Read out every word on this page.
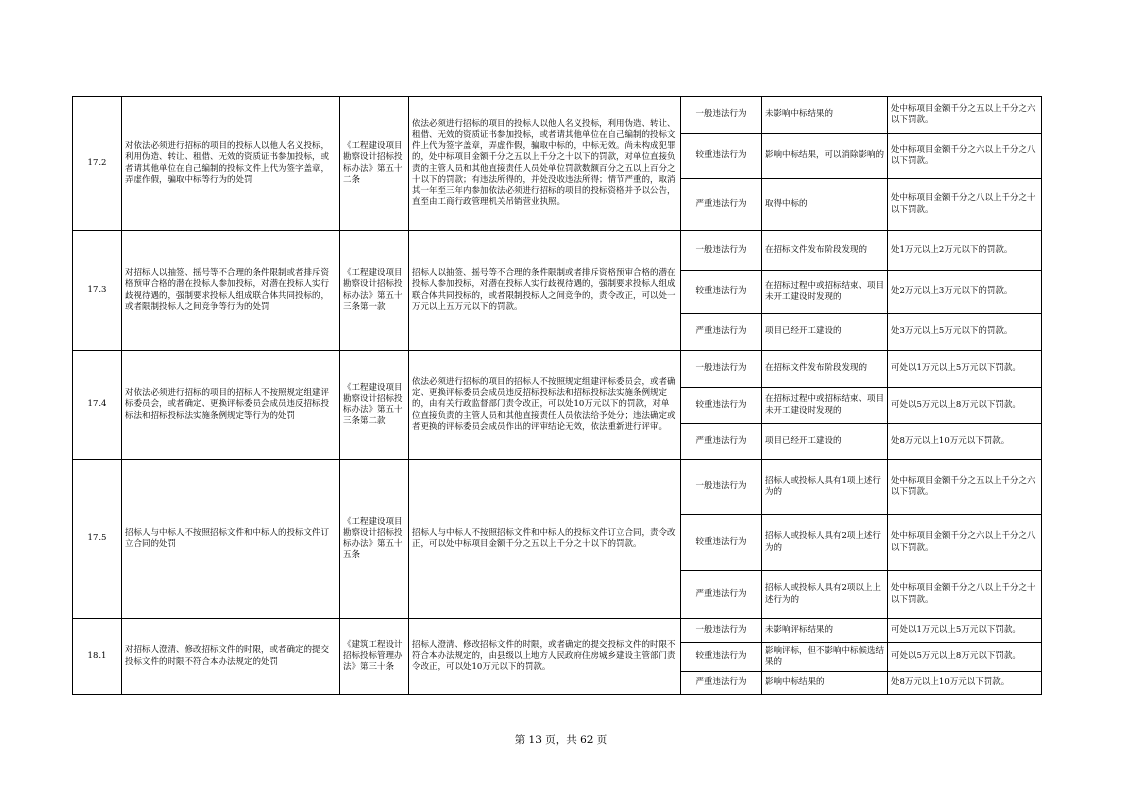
17.2	对依法必须进行招标的项目的投标人以他人名义投标，利用伪造、转让、租借、无效的资质证书参加投标，或者请其他单位在自己编制的投标文件上代为签字盖章，弄虚作假，骗取中标等行为的处罚	《工程建设项目勘察设计招标投标办法》第五十二条	依法必须进行招标的项目的投标人以他人名义投标，利用伪造、转让、租借、无效的资质证书参加投标，或者请其他单位在自己编制的投标文件上代为签字盖章，弄虚作假，骗取中标的，中标无效。尚未构成犯罪的，处中标项目金额千分之五以上千分之十以下的罚款，对单位直接负责的主管人员和其他直接责任人员处单位罚款数额百分之五以上百分之十以下的罚款；有违法所得的，并处没收违法所得；情节严重的，取消其一年至三年内参加依法必须进行招标的项目的投标资格并予以公告，直至由工商行政管理机关吊销营业执照。	一般违法行为	未影响中标结果的	处中标项目金额千分之五以上千分之六以下罚款。
				较重违法行为	影响中标结果，可以消除影响的	处中标项目金额千分之六以上千分之八以下罚款。
				严重违法行为	取得中标的	处中标项目金额千分之八以上千分之十以下罚款。
17.3	对招标人以抽签、摇号等不合理的条件限制或者排斥资格预审合格的潜在投标人参加投标，对潜在投标人实行歧视待遇的，强制要求投标人组成联合体共同投标的，或者限制投标人之间竞争等行为的处罚	《工程建设项目勘察设计招标投标办法》第五十三条第一款	招标人以抽签、摇号等不合理的条件限制或者排斥资格预审合格的潜在投标人参加投标，对潜在投标人实行歧视待遇的，强制要求投标人组成联合体共同投标的，或者限制投标人之间竞争的，责令改正，可以处一万元以上五万元以下的罚款。	一般违法行为	在招标文件发布阶段发现的	处1万元以上2万元以下的罚款。
				较重违法行为	在招标过程中或招标结束、项目未开工建设时发现的	处2万元以上3万元以下的罚款。
				严重违法行为	项目已经开工建设的	处3万元以上5万元以下的罚款。
17.4	对依法必须进行招标的项目的招标人不按照规定组建评标委员会，或者确定、更换评标委员会成员违反招标投标法和招标投标法实施条例规定等行为的处罚	《工程建设项目勘察设计招标投标办法》第五十三条第二款	依法必须进行招标的项目的招标人不按照规定组建评标委员会，或者确定、更换评标委员会成员违反招标投标法和招标投标法实施条例规定的，由有关行政监督部门责令改正，可以处10万元以下的罚款，对单位直接负责的主管人员和其他直接责任人员依法给予处分；违法确定或者更换的评标委员会成员作出的评审结论无效，依法重新进行评审。	一般违法行为	在招标文件发布阶段发现的	可处以1万元以上5万元以下罚款。
				较重违法行为	在招标过程中或招标结束、项目未开工建设时发现的	可处以5万元以上8万元以下罚款。
				严重违法行为	项目已经开工建设的	处8万元以上10万元以下罚款。
17.5	招标人与中标人不按照招标文件和中标人的投标文件订立合同的处罚	《工程建设项目勘察设计招标投标办法》第五十五条	招标人与中标人不按照招标文件和中标人的投标文件订立合同，责令改正，可以处中标项目金额千分之五以上千分之十以下的罚款。	一般违法行为	招标人或投标人具有1项上述行为的	处中标项目金额千分之五以上千分之六以下罚款。
				较重违法行为	招标人或投标人具有2项上述行为的	处中标项目金额千分之六以上千分之八以下罚款。
				严重违法行为	招标人或投标人具有2项以上上述行为的	处中标项目金额千分之八以上千分之十以下罚款。
18.1	对招标人澄清、修改招标文件的时限，或者确定的提交投标文件的时限不符合本办法规定的处罚	《建筑工程设计招标投标管理办法》第三十条	招标人澄清、修改招标文件的时限，或者确定的提交投标文件的时限不符合本办法规定的，由县级以上地方人民政府住房城乡建设主管部门责令改正，可以处10万元以下的罚款。	一般违法行为	未影响评标结果的	可处以1万元以上5万元以下罚款。
				较重违法行为	影响评标，但不影响中标候选结果的	可处以5万元以上8万元以下罚款。
				严重违法行为	影响中标结果的	处8万元以上10万元以下罚款。
第 13 页，共 62 页
